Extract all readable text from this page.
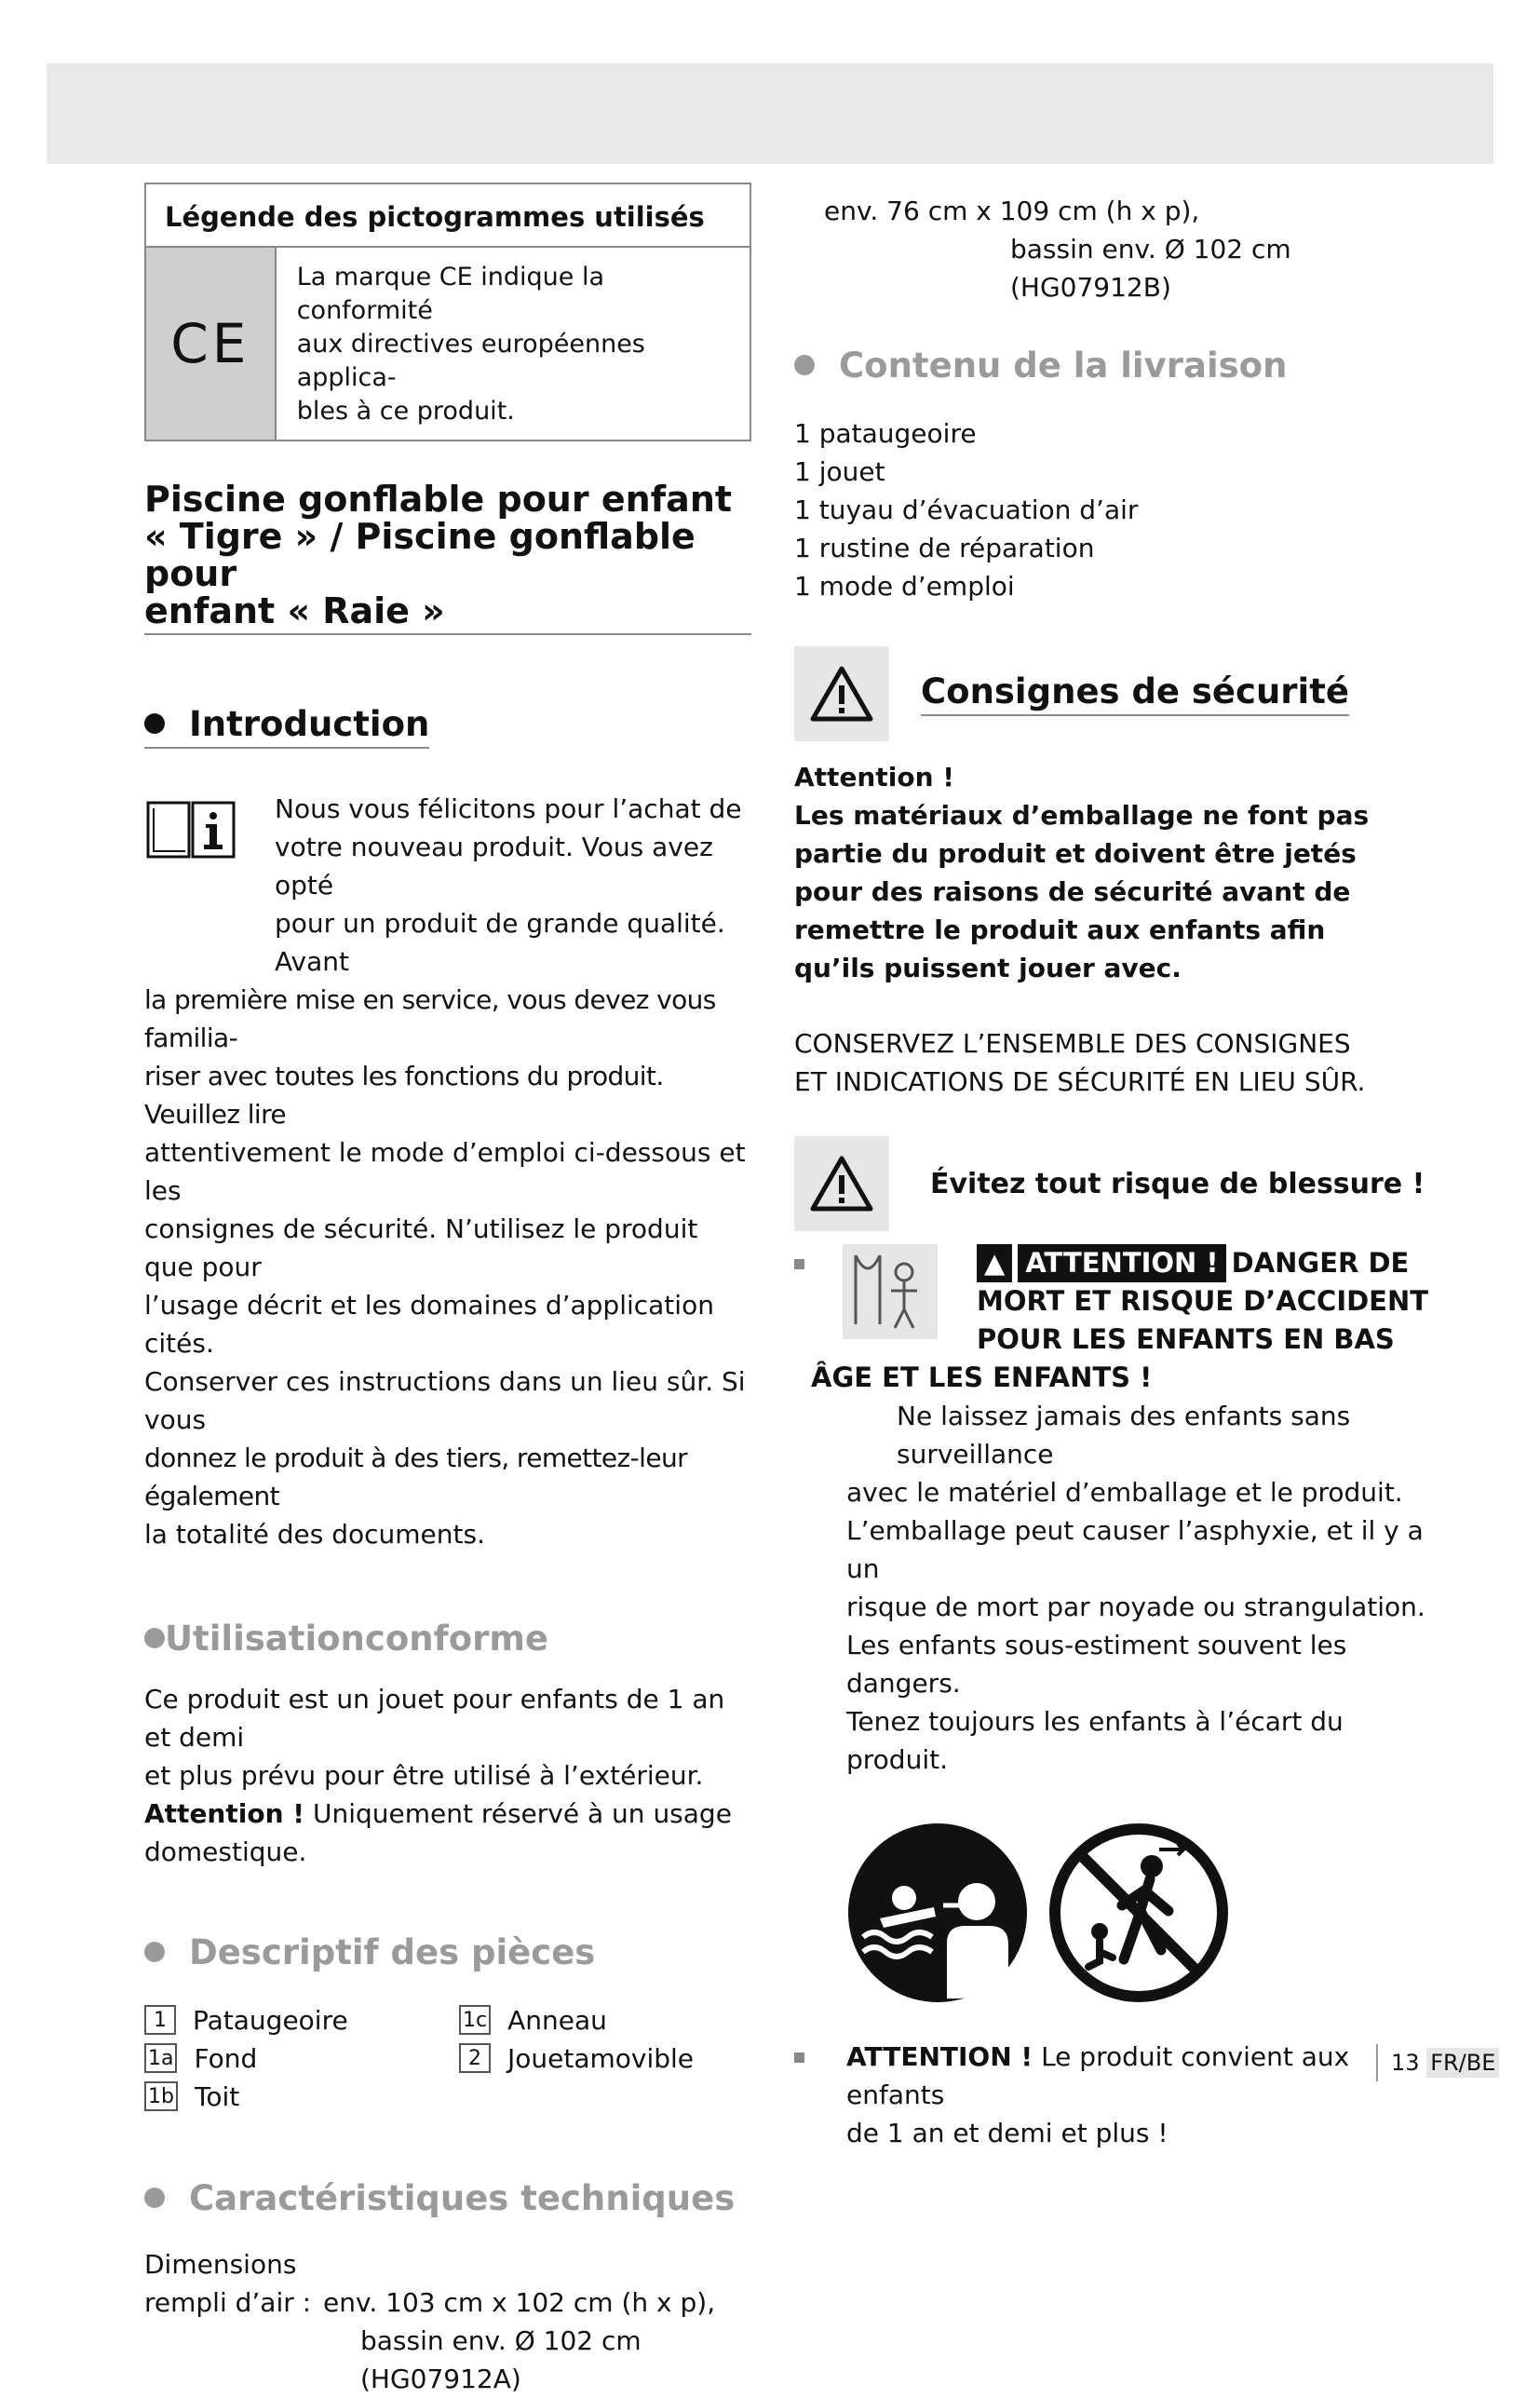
Légende des pictogrammes utilisés
CE
La marque CE indique la conformité
aux directives européennes applica-
bles à ce produit.
Piscine gonflable pour enfant
« Tigre » / Piscine gonflable pour
enfant « Raie »
Introduction

Nous vous félicitons pour l’achat de

votre nouveau produit. Vous avez opté

pour un produit de grande qualité. Avant

la première mise en service, vous devez vous familia-

riser avec toutes les fonctions du produit. Veuillez lire

attentivement le mode d’emploi ci-dessous et les

consignes de sécurité. N’utilisez le produit que pour

l’usage décrit et les domaines d’application cités.

Conserver ces instructions dans un lieu sûr. Si vous

donnez le produit à des tiers, remettez-leur également

la totalité des documents.

Utilisationconforme

Ce produit est un jouet pour enfants de 1 an et demi

et plus prévu pour être utilisé à l’extérieur.

Attention ! Uniquement réservé à un usage

domestique.

Descriptif des pièces
1	Pataugeoire
1a Fond
1b Toit
1c Anneau
2	Jouetamovible
Caractéristiques techniques

Dimensions

rempli d’air : env. 103 cm x 102 cm (h x p),

bassin env. Ø 102 cm

(HG07912A)

env. 76 cm x 109 cm (h x p),

bassin env. Ø 102 cm

(HG07912B)

Contenu de la livraison
1 pataugeoire
1 jouet
1 tuyau d’évacuation d’air
1 rustine de réparation
1 mode d’emploi
Consignes de sécurité

Attention !

Les matériaux d’emballage ne font pas

partie du produit et doivent être jetés

pour des raisons de sécurité avant de

remettre le produit aux enfants afin

qu’ils puissent jouer avec.

CONSERVEZ L’ENSEMBLE DES CONSIGNES

ET INDICATIONS DE SÉCURITÉ EN LIEU SÛR.

Évitez tout risque de blessure !
▲ ATTENTION ! DANGER DE
MORT ET RISQUE D’ACCIDENT
POUR LES ENFANTS EN BAS
ÂGE ET LES ENFANTS !

Ne laissez jamais des enfants sans surveillance

avec le matériel d’emballage et le produit.

L’emballage peut causer l’asphyxie, et il y a un

risque de mort par noyade ou strangulation.

Les enfants sous-estiment souvent les dangers.

Tenez toujours les enfants à l’écart du produit.

ATTENTION ! Le produit convient aux enfants

de 1 an et demi et plus !

13
FR/BE
